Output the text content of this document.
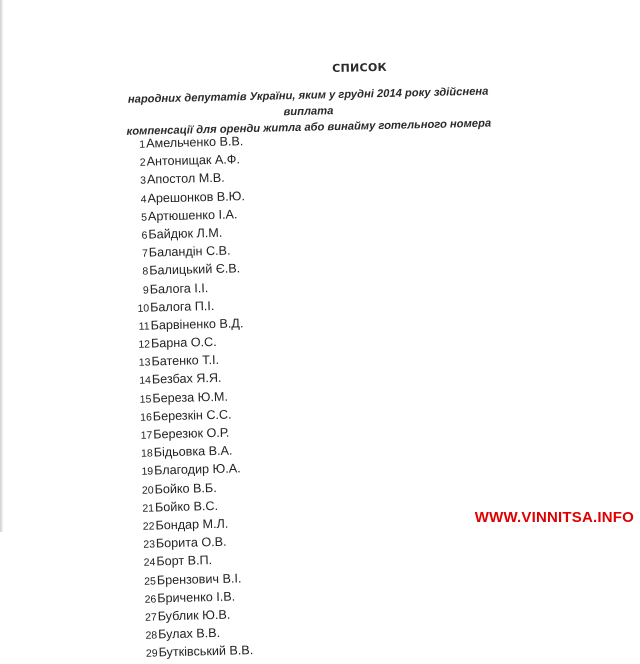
СПИСОК
народних депутатів України, яким у грудні 2014 року здійснена виплата
компенсації для оренди житла або винайму готельного номера
1 Амельченко В.В.
2 Антонищак А.Ф.
3 Апостол М.В.
4 Арешонков В.Ю.
5 Артюшенко І.А.
6 Байдюк Л.М.
7 Баландін С.В.
8 Балицький Є.В.
9 Балога І.І.
10 Балога П.І.
11 Барвіненко В.Д.
12 Барна О.С.
13 Батенко Т.І.
14 Безбах Я.Я.
15 Береза Ю.М.
16 Березкін С.С.
17 Березюк О.Р.
18 Бідьовка В.А.
19 Благодир Ю.А.
20 Бойко В.Б.
21 Бойко В.С.
22 Бондар М.Л.
23 Борита О.В.
24 Борт В.П.
25 Брензович В.І.
26 Бриченко І.В.
27 Бублик Ю.В.
28 Булах В.В.
29 Бутківський В.В.
WWW.VINNITSA.INFO
